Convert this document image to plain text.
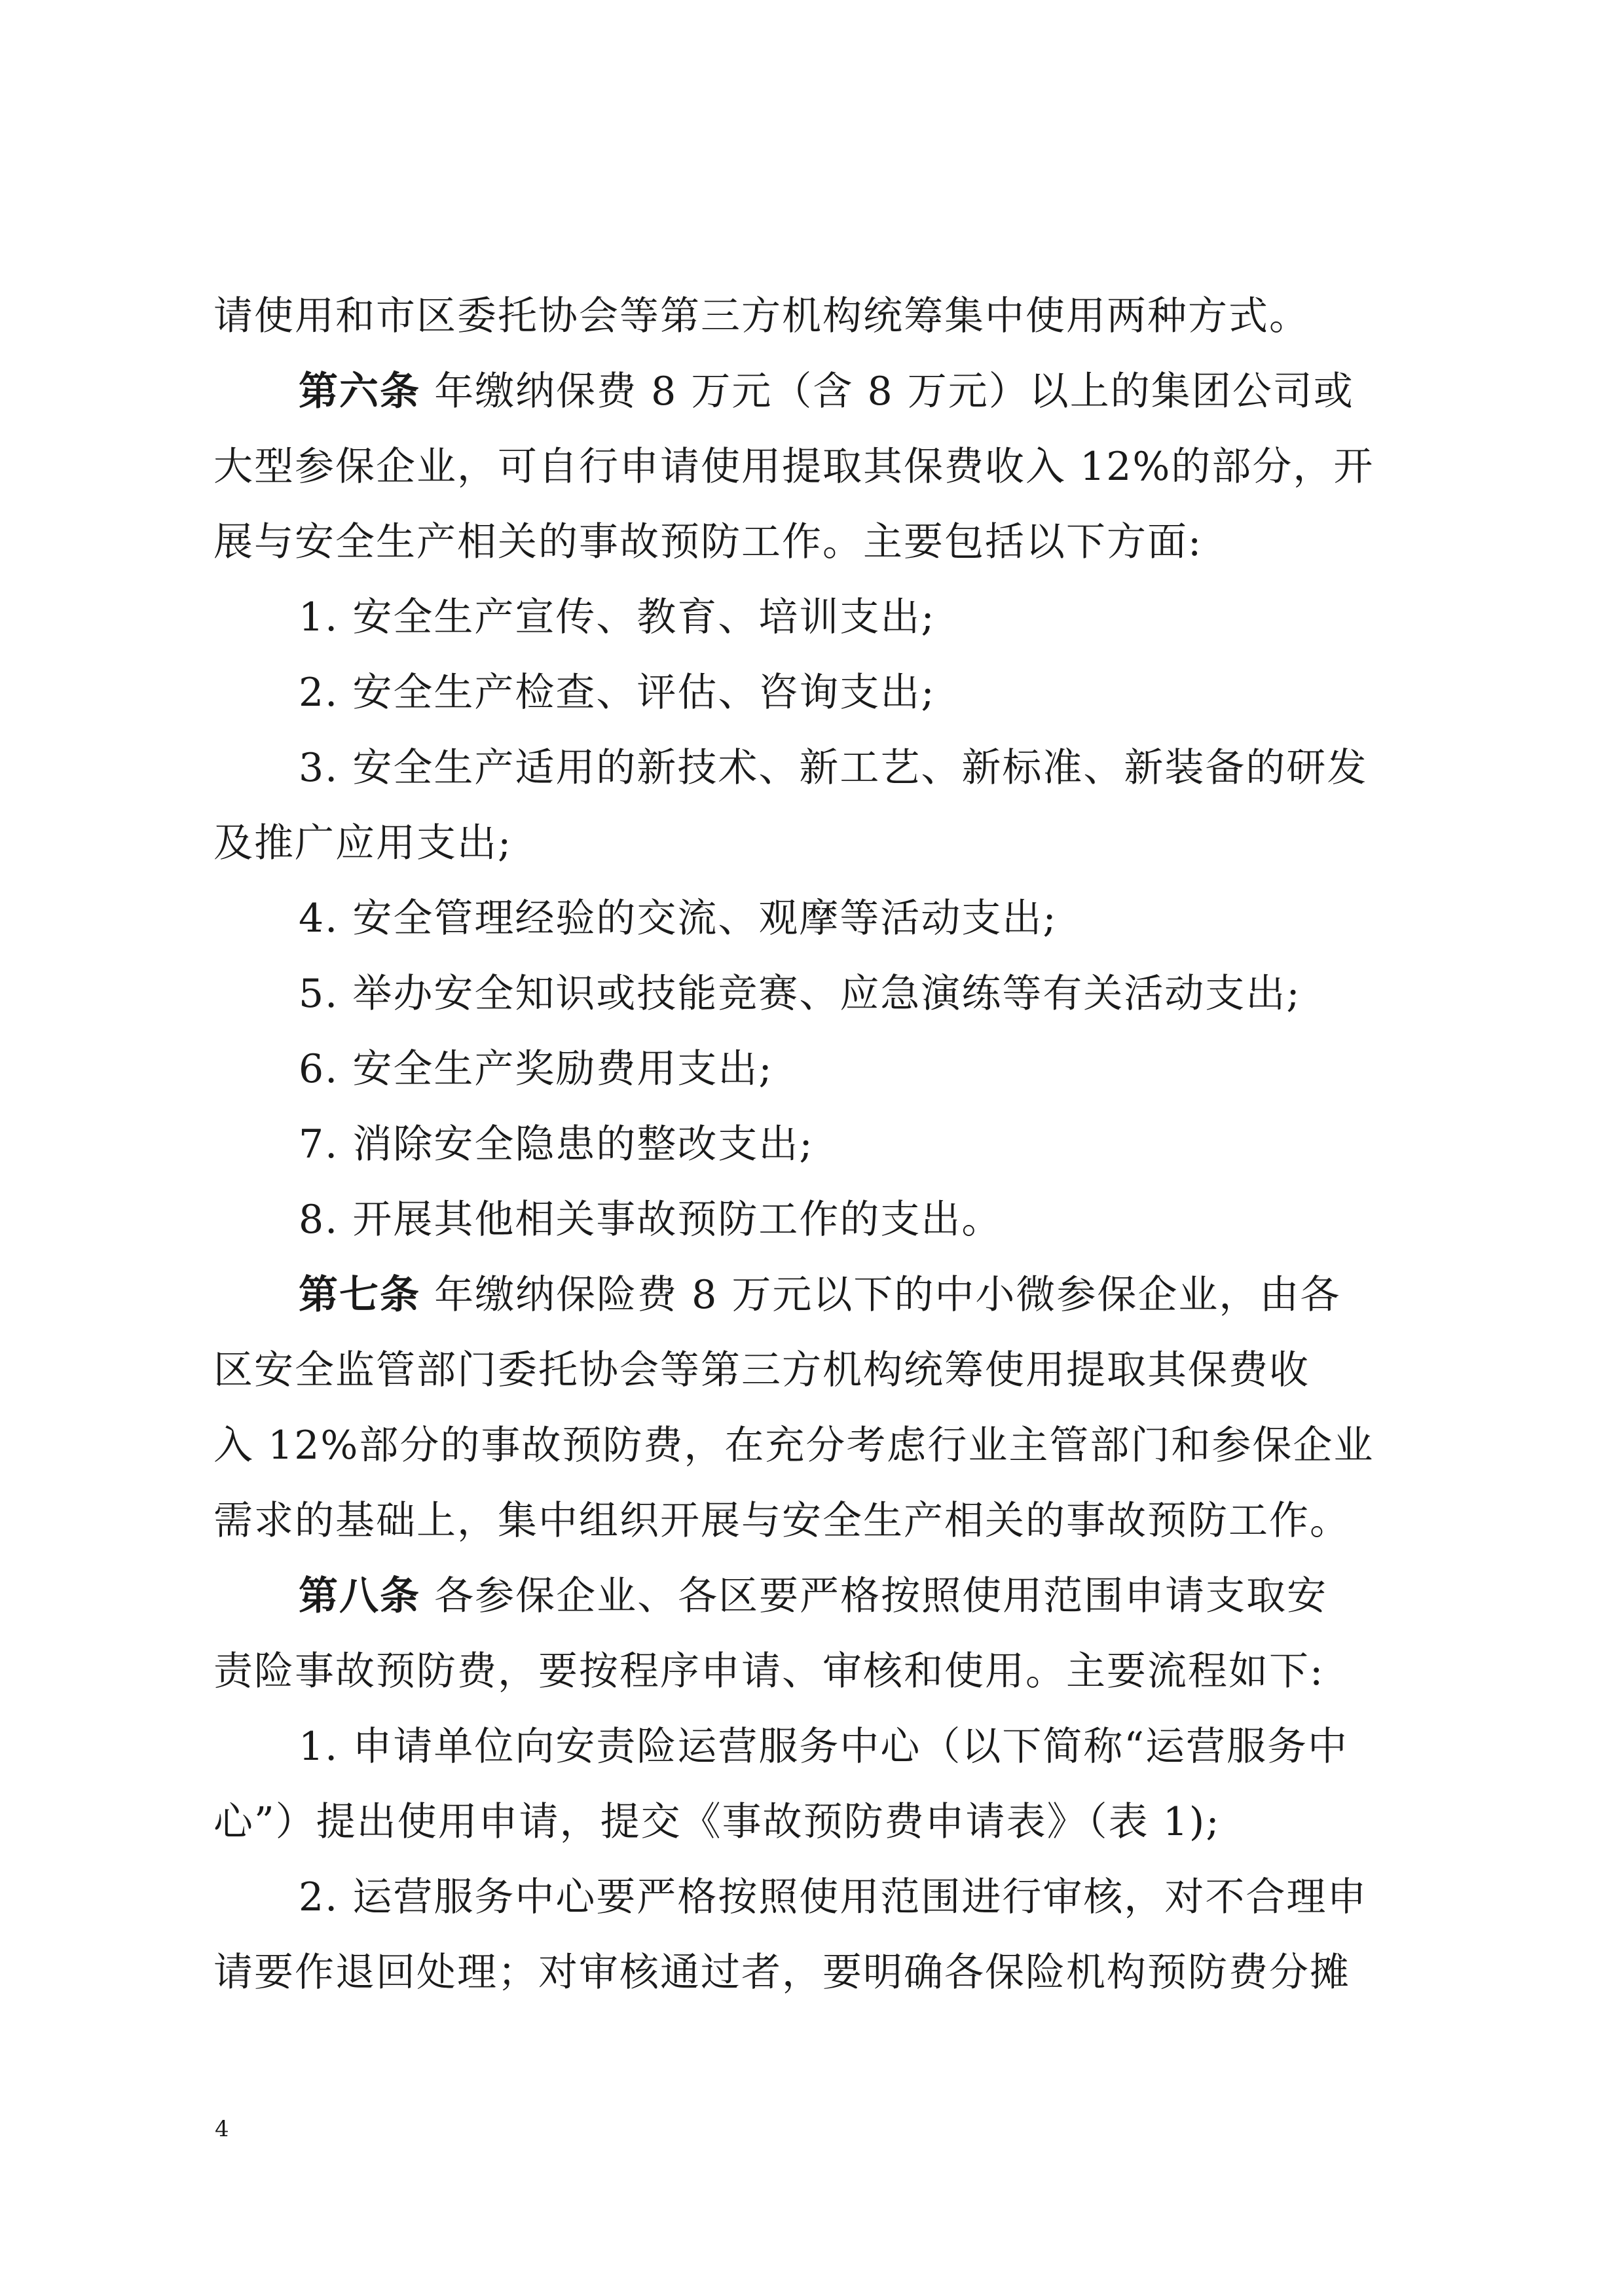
请使用和市区委托协会等第三方机构统筹集中使用两种方式。
第六条 年缴纳保费 8 万元（含 8 万元）以上的集团公司或
大型参保企业，可自行申请使用提取其保费收入 12%的部分，开
展与安全生产相关的事故预防工作。主要包括以下方面:
1. 安全生产宣传、教育、培训支出;
2. 安全生产检查、评估、咨询支出;
3. 安全生产适用的新技术、新工艺、新标准、新装备的研发
及推广应用支出;
4. 安全管理经验的交流、观摩等活动支出;
5. 举办安全知识或技能竞赛、应急演练等有关活动支出;
6. 安全生产奖励费用支出;
7. 消除安全隐患的整改支出;
8. 开展其他相关事故预防工作的支出。
第七条 年缴纳保险费 8 万元以下的中小微参保企业，由各
区安全监管部门委托协会等第三方机构统筹使用提取其保费收
入 12%部分的事故预防费，在充分考虑行业主管部门和参保企业
需求的基础上，集中组织开展与安全生产相关的事故预防工作。
第八条 各参保企业、各区要严格按照使用范围申请支取安
责险事故预防费，要按程序申请、审核和使用。主要流程如下:
1. 申请单位向安责险运营服务中心（以下简称“运营服务中
心”）提出使用申请，提交《事故预防费申请表》（表 1);
2. 运营服务中心要严格按照使用范围进行审核，对不合理申
请要作退回处理；对审核通过者，要明确各保险机构预防费分摊
4
